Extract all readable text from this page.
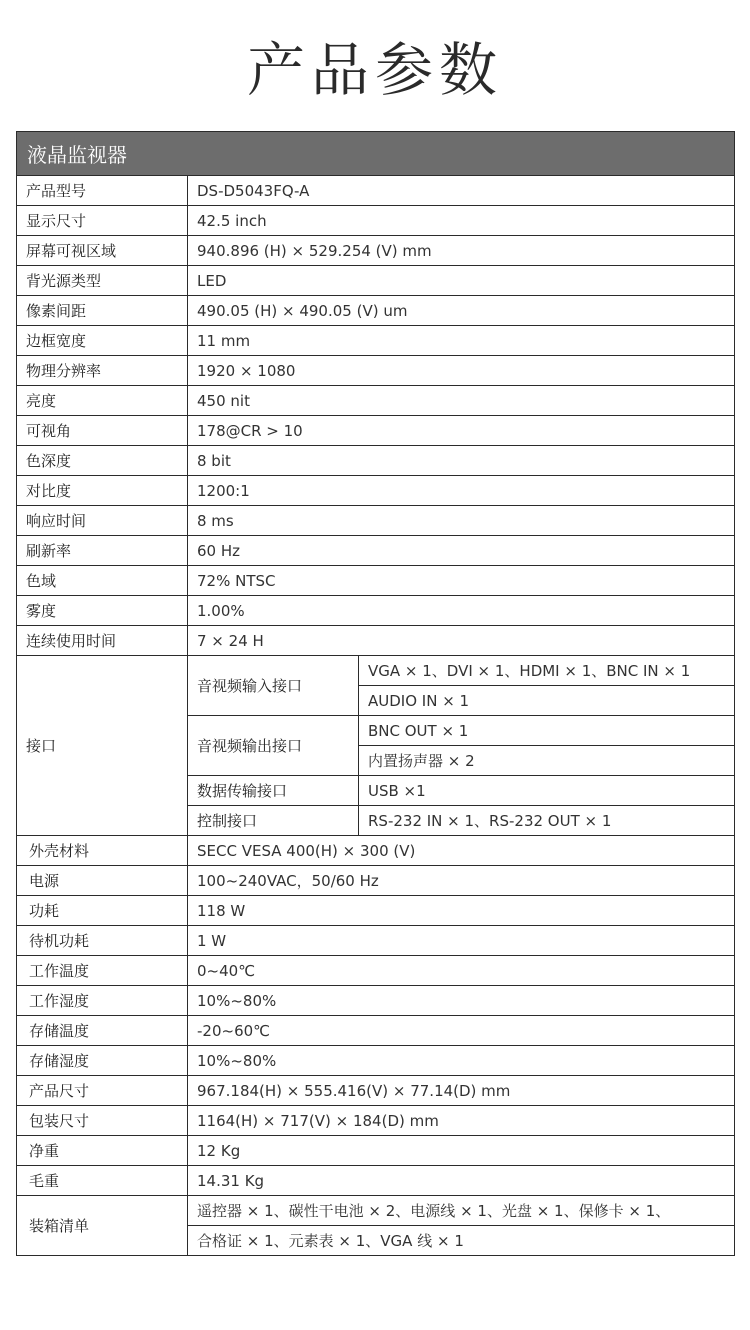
产品参数
液晶监视器		
产品型号	DS-D5043FQ-A	
显示尺寸	42.5 inch	
屏幕可视区域	940.896 (H) × 529.254 (V) mm	
背光源类型	LED	
像素间距	490.05 (H) × 490.05 (V) um	
边框宽度	11 mm	
物理分辨率	1920 × 1080	
亮度	450 nit	
可视角	178@CR > 10	
色深度	8 bit	
对比度	1200:1	
响应时间	8 ms	
刷新率	60 Hz	
色域	72% NTSC	
雾度	1.00%	
连续使用时间	7 × 24 H	
接口	音视频输入接口	VGA × 1、DVI × 1、HDMI × 1、BNC IN × 1
		AUDIO IN × 1
	音视频输出接口	BNC OUT × 1
		内置扬声器 × 2
	数据传输接口	USB ×1
	控制接口	RS-232 IN × 1、RS-232 OUT × 1
外壳材料	SECC VESA 400(H) × 300 (V)	
电源	100~240VAC，50/60 Hz	
功耗	118 W	
待机功耗	1 W	
工作温度	0~40℃	
工作湿度	10%~80%	
存储温度	-20~60℃	
存储湿度	10%~80%	
产品尺寸	967.184(H) × 555.416(V) × 77.14(D) mm	
包装尺寸	1164(H) × 717(V) × 184(D) mm	
净重	12 Kg	
毛重	14.31 Kg	
装箱清单	遥控器 × 1、碳性干电池 × 2、电源线 × 1、光盘 × 1、保修卡 × 1、	
	合格证 × 1、元素表 × 1、VGA 线 × 1	
